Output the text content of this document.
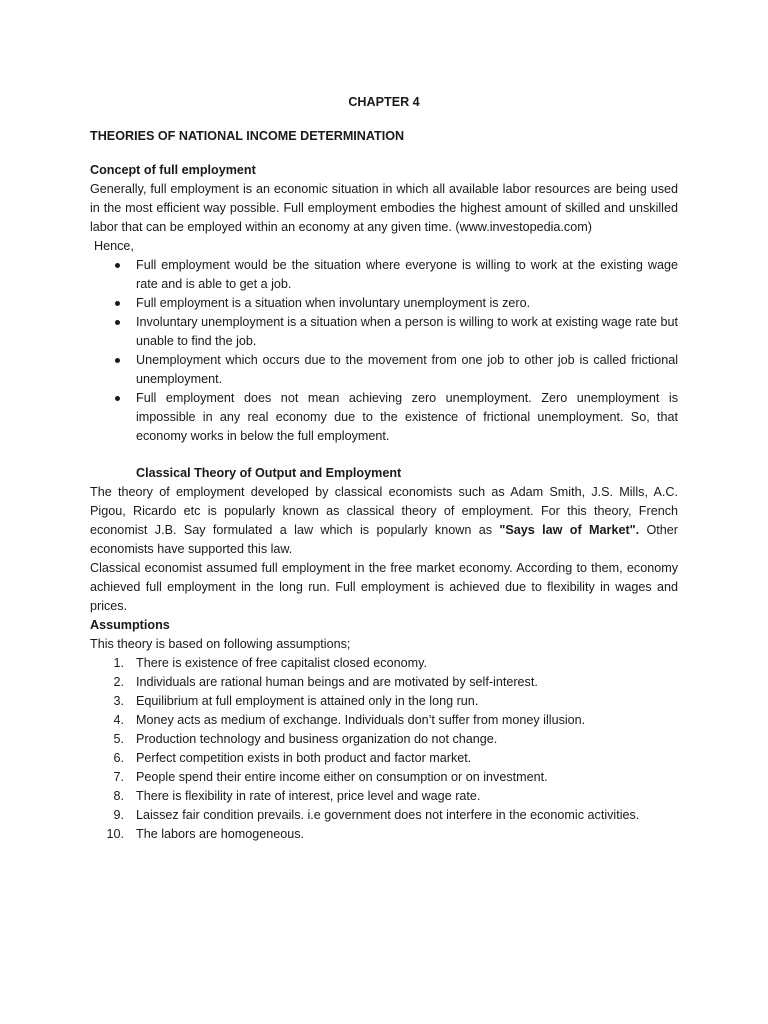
CHAPTER 4

THEORIES OF NATIONAL INCOME DETERMINATION

Concept of full employment

Generally, full employment is an economic situation in which all available labor resources are being used in the most efficient way possible. Full employment embodies the highest amount of skilled and unskilled labor that can be employed within an economy at any given time. (www.investopedia.com)

Hence,

Full employment would be the situation where everyone is willing to work at the existing wage rate and is able to get a job.
Full employment is a situation when involuntary unemployment is zero.
Involuntary unemployment is a situation when a person is willing to work at existing wage rate but unable to find the job.
Unemployment which occurs due to the movement from one job to other job is called frictional unemployment.
Full employment does not mean achieving zero unemployment. Zero unemployment is impossible in any real economy due to the existence of frictional unemployment. So, that economy works in below the full employment.

Classical Theory of Output and Employment

The theory of employment developed by classical economists such as Adam Smith, J.S. Mills, A.C. Pigou, Ricardo etc is popularly known as classical theory of employment. For this theory, French economist J.B. Say formulated a law which is popularly known as "Says law of Market". Other economists have supported this law.

Classical economist assumed full employment in the free market economy. According to them, economy achieved full employment in the long run. Full employment is achieved due to flexibility in wages and prices.

Assumptions

This theory is based on following assumptions;

1. There is existence of free capitalist closed economy.
2. Individuals are rational human beings and are motivated by self-interest.
3. Equilibrium at full employment is attained only in the long run.
4. Money acts as medium of exchange. Individuals don’t suffer from money illusion.
5. Production technology and business organization do not change.
6. Perfect competition exists in both product and factor market.
7. People spend their entire income either on consumption or on investment.
8. There is flexibility in rate of interest, price level and wage rate.
9. Laissez fair condition prevails. i.e government does not interfere in the economic activities.
10. The labors are homogeneous.
